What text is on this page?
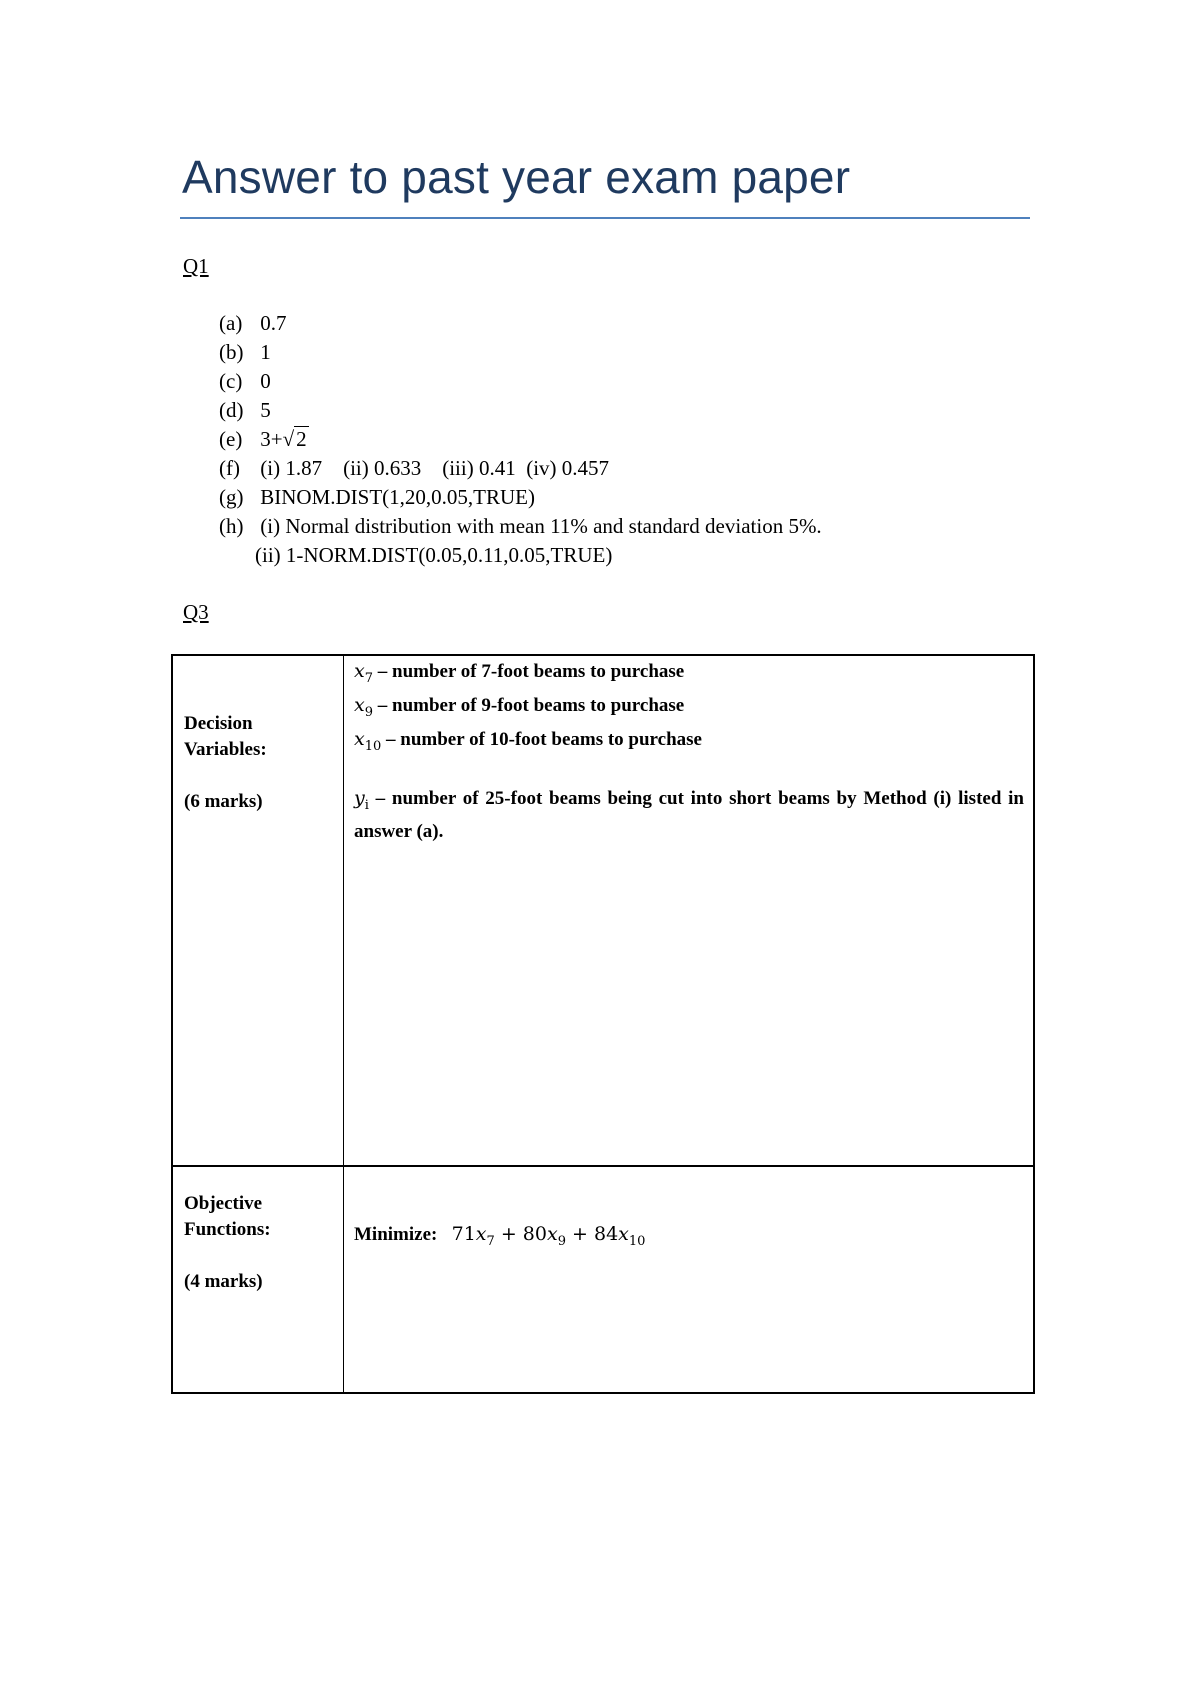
Answer to past year exam paper
Q1
(a) 0.7
(b) 1
(c) 0
(d) 5
(e) 3+√2
(f) (i) 1.87    (ii) 0.633    (iii) 0.41  (iv) 0.457
(g) BINOM.DIST(1,20,0.05,TRUE)
(h) (i) Normal distribution with mean 11% and standard deviation 5%.
(ii) 1-NORM.DIST(0.05,0.11,0.05,TRUE)
Q3
Decision
Variables:
(6 marks)
$x_7$ – number of 7-foot beams to purchase
$x_9$ – number of 9-foot beams to purchase
$x_{10}$ – number of 10-foot beams to purchase
$y_i$ – number of 25-foot beams being cut into short beams by Method (i) listed in answer (a).
Objective
Functions:
(4 marks)
Minimize: $71x_7 + 80x_9 + 84x_{10}$
